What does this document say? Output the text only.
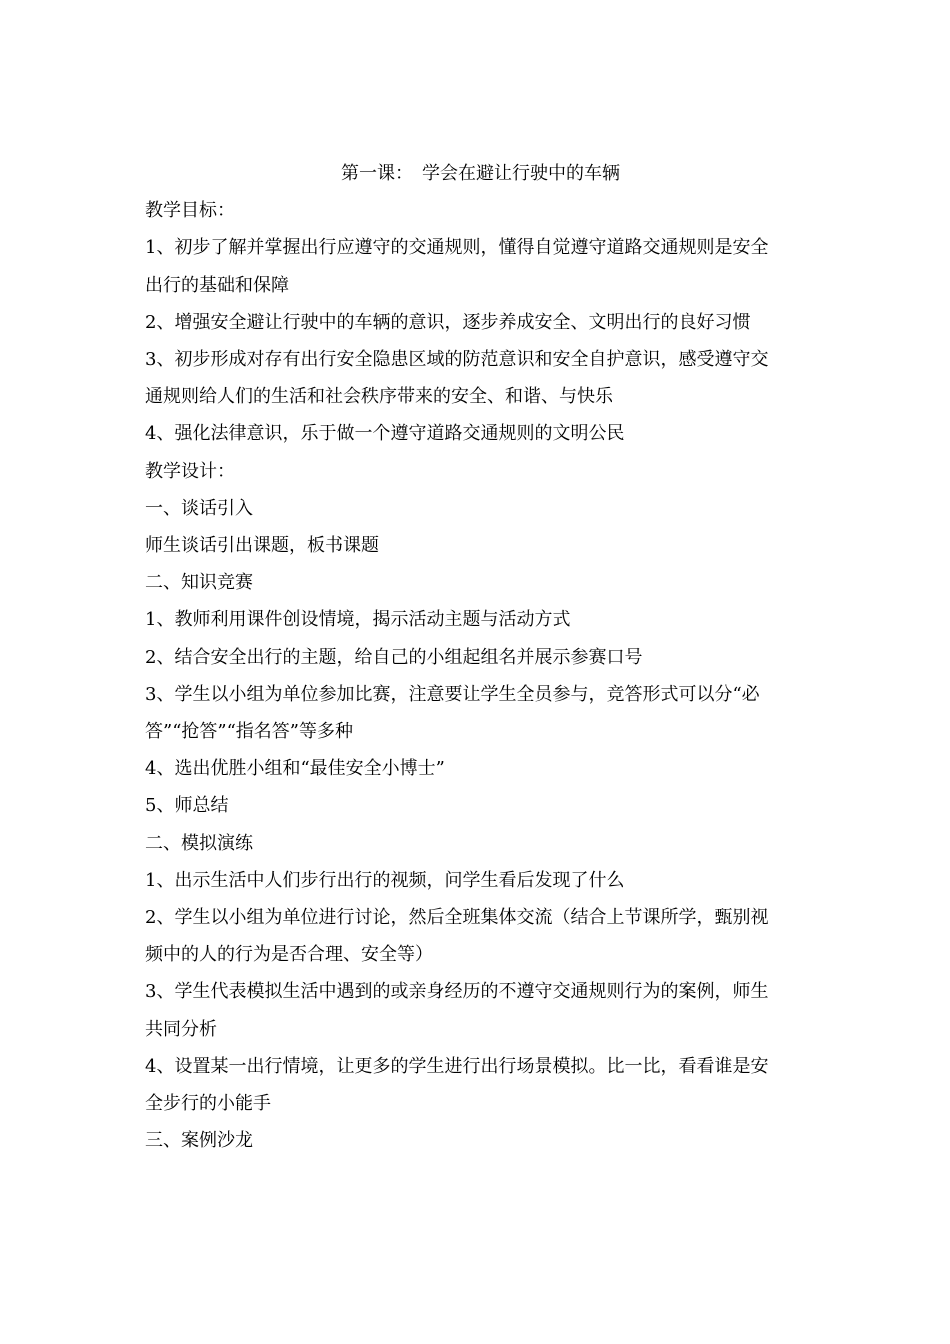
第一课：　学会在避让行驶中的车辆

教学目标：

1、初步了解并掌握出行应遵守的交通规则，懂得自觉遵守道路交通规则是安全

出行的基础和保障

2、增强安全避让行驶中的车辆的意识，逐步养成安全、文明出行的良好习惯

3、初步形成对存有出行安全隐患区域的防范意识和安全自护意识，感受遵守交

通规则给人们的生活和社会秩序带来的安全、和谐、与快乐

4、强化法律意识，乐于做一个遵守道路交通规则的文明公民

教学设计：

一、谈话引入

师生谈话引出课题，板书课题

二、知识竞赛

1、教师利用课件创设情境，揭示活动主题与活动方式

2、结合安全出行的主题，给自己的小组起组名并展示参赛口号

3、学生以小组为单位参加比赛，注意要让学生全员参与，竞答形式可以分“必

答”“抢答”“指名答”等多种

4、选出优胜小组和“最佳安全小博士”

5、师总结

二、模拟演练

1、出示生活中人们步行出行的视频，问学生看后发现了什么

2、学生以小组为单位进行讨论，然后全班集体交流（结合上节课所学，甄别视

频中的人的行为是否合理、安全等）

3、学生代表模拟生活中遇到的或亲身经历的不遵守交通规则行为的案例，师生

共同分析

4、设置某一出行情境，让更多的学生进行出行场景模拟。比一比，看看谁是安

全步行的小能手

三、案例沙龙
